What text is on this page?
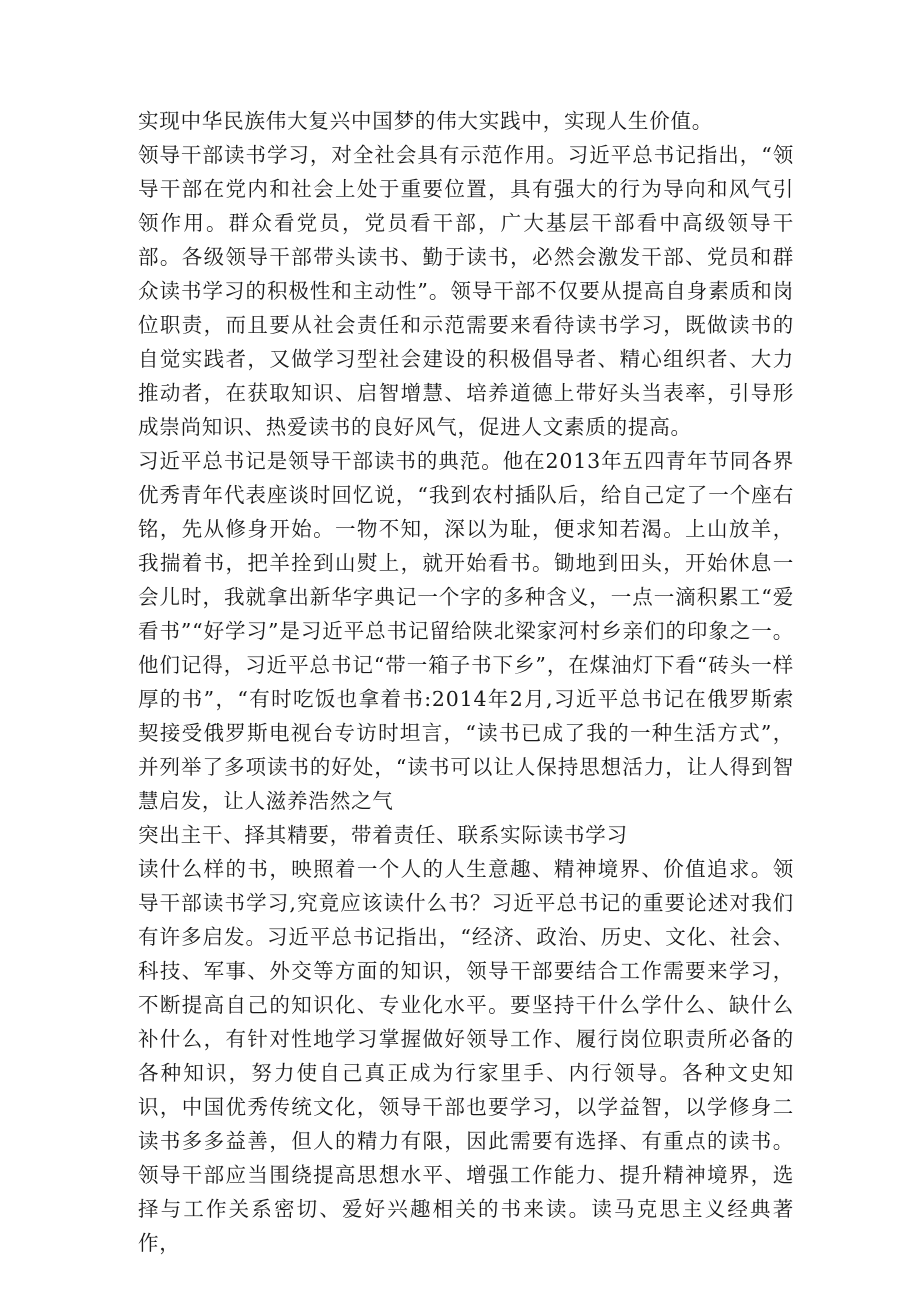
实现中华民族伟大复兴中国梦的伟大实践中，实现人生价值。

领导干部读书学习，对全社会具有示范作用。习近平总书记指出，“领导干部在党内和社会上处于重要位置，具有强大的行为导向和风气引领作用。群众看党员，党员看干部，广大基层干部看中高级领导干部。各级领导干部带头读书、勤于读书，必然会激发干部、党员和群众读书学习的积极性和主动性”。领导干部不仅要从提高自身素质和岗位职责，而且要从社会责任和示范需要来看待读书学习，既做读书的自觉实践者，又做学习型社会建设的积极倡导者、精心组织者、大力推动者，在获取知识、启智增慧、培养道德上带好头当表率，引导形成崇尚知识、热爱读书的良好风气，促进人文素质的提高。

习近平总书记是领导干部读书的典范。他在2013年五四青年节同各界优秀青年代表座谈时回忆说，“我到农村插队后，给自己定了一个座右铭，先从修身开始。一物不知，深以为耻，便求知若渴。上山放羊，我揣着书，把羊拴到山熨上，就开始看书。锄地到田头，开始休息一会儿时，我就拿出新华字典记一个字的多种含义，一点一滴积累工“爱看书”“好学习”是习近平总书记留给陕北梁家河村乡亲们的印象之一。他们记得，习近平总书记“带一箱子书下乡”，在煤油灯下看“砖头一样厚的书”，“有时吃饭也拿着书:2014年2月,习近平总书记在俄罗斯索契接受俄罗斯电视台专访时坦言，“读书已成了我的一种生活方式”，并列举了多项读书的好处，“读书可以让人保持思想活力，让人得到智慧启发，让人滋养浩然之气

突出主干、择其精要，带着责任、联系实际读书学习

读什么样的书，映照着一个人的人生意趣、精神境界、价值追求。领导干部读书学习,究竟应该读什么书？习近平总书记的重要论述对我们有许多启发。习近平总书记指出，“经济、政治、历史、文化、社会、科技、军事、外交等方面的知识，领导干部要结合工作需要来学习，不断提高自己的知识化、专业化水平。要坚持干什么学什么、缺什么补什么，有针对性地学习掌握做好领导工作、履行岗位职责所必备的各种知识，努力使自己真正成为行家里手、内行领导。各种文史知识，中国优秀传统文化，领导干部也要学习，以学益智，以学修身二读书多多益善，但人的精力有限，因此需要有选择、有重点的读书。领导干部应当围绕提高思想水平、增强工作能力、提升精神境界，选择与工作关系密切、爱好兴趣相关的书来读。读马克思主义经典著作，
